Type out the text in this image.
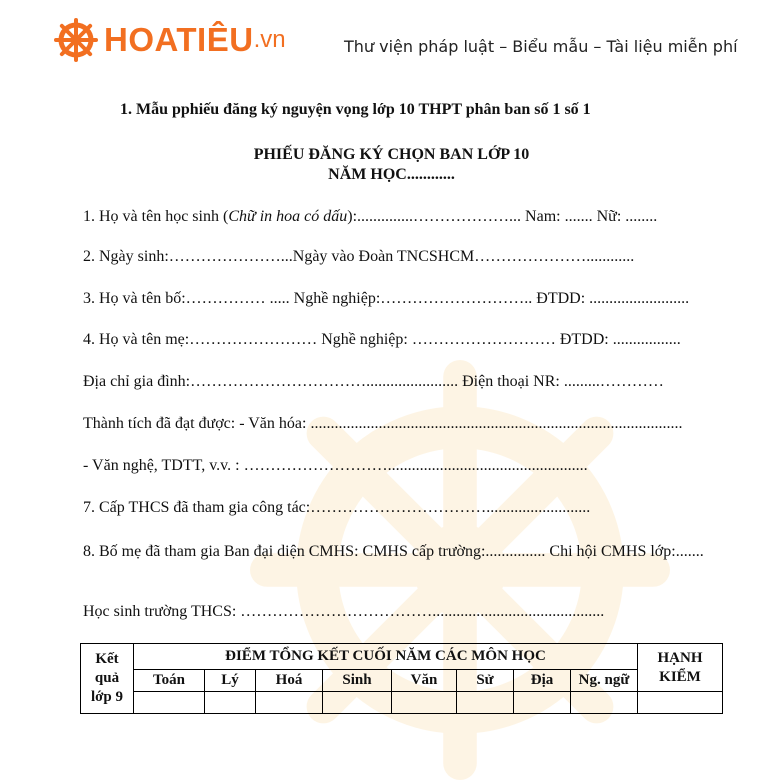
HOATIÊU .vn	Thư viện pháp luật – Biểu mẫu – Tài liệu miễn phí
1. Mẫu pphiếu đăng ký nguyện vọng lớp 10 THPT phân ban số 1 số 1
PHIẾU ĐĂNG KÝ CHỌN BAN LỚP 10
NĂM HỌC............
1. Họ và tên học sinh (Chữ in hoa có dấu):..............………………... Nam: ....... Nữ: ........
2. Ngày sinh:…………………...Ngày vào Đoàn TNCSHCM…………………............
3. Họ và tên bố:…………… ..... Nghề nghiệp:……………………….. ĐTDD: .........................
4. Họ và tên mẹ:…………………… Nghề nghiệp: ……………………… ĐTDD: .................
Địa chỉ gia đình:……………………………....................... Điện thoại NR: .........…………
Thành tích đã đạt được: - Văn hóa: .............................................................................................
- Văn nghệ, TDTT, v.v. : ………………………..................................................
7. Cấp THCS đã tham gia công tác:……………………………..........................
8. Bố mẹ đã tham gia Ban đại diện CMHS: CMHS cấp trường:............... Chi hội CMHS lớp:.......
Học sinh trường THCS: ………………………………...........................................
Kết quả lớp 9	ĐIỂM TỔNG KẾT CUỐI NĂM CÁC MÔN HỌC								HẠNH KIỂM
	Toán	Lý	Hoá	Sinh	Văn	Sử	Địa	Ng. ngữ	
